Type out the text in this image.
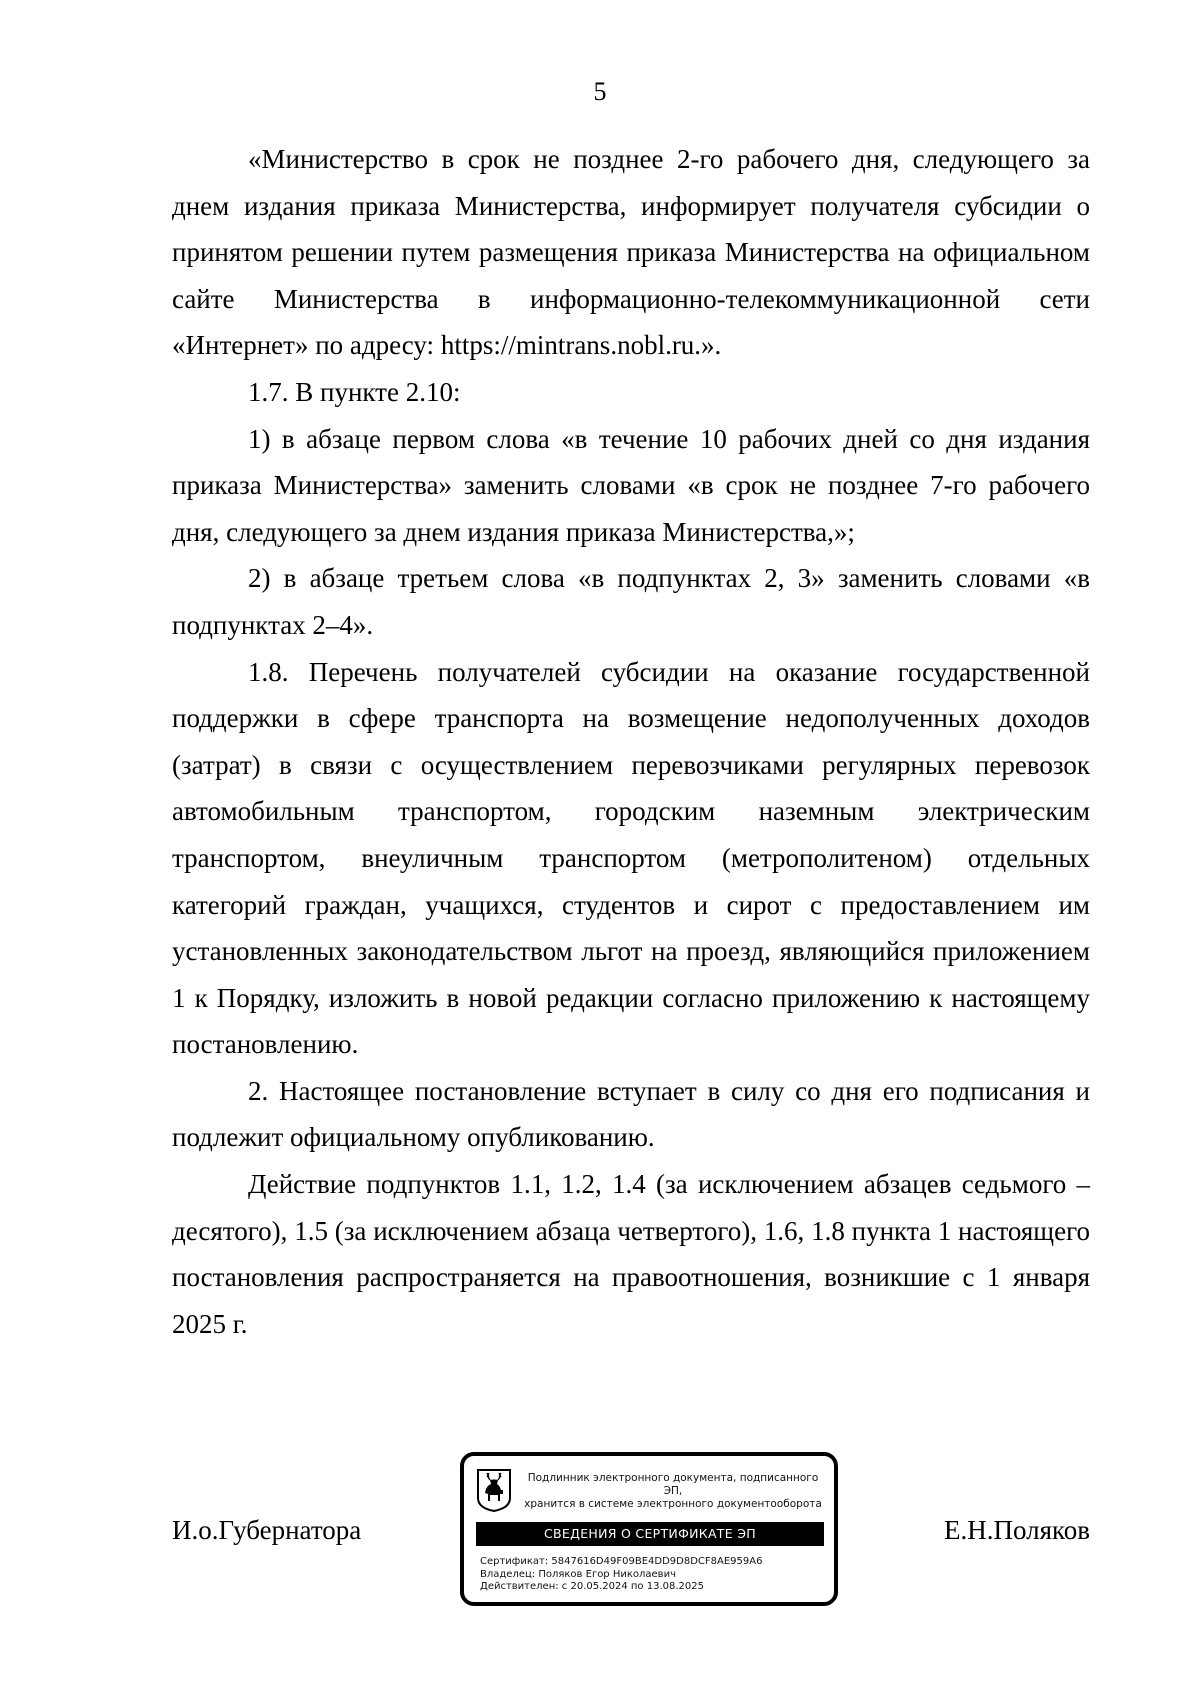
5

«Министерство в срок не позднее 2-го рабочего дня, следующего за днем издания приказа Министерства, информирует получателя субсидии о принятом решении путем размещения приказа Министерства на официальном сайте Министерства в информационно-телекоммуникационной сети «Интернет» по адресу: https://mintrans.nobl.ru.».

1.7. В пункте 2.10:

1) в абзаце первом слова «в течение 10 рабочих дней со дня издания приказа Министерства» заменить словами «в срок не позднее 7-го рабочего дня, следующего за днем издания приказа Министерства,»;

2) в абзаце третьем слова «в подпунктах 2, 3» заменить словами «в подпунктах 2–4».

1.8. Перечень получателей субсидии на оказание государственной поддержки в сфере транспорта на возмещение недополученных доходов (затрат) в связи с осуществлением перевозчиками регулярных перевозок автомобильным транспортом, городским наземным электрическим транспортом, внеуличным транспортом (метрополитеном) отдельных категорий граждан, учащихся, студентов и сирот с предоставлением им установленных законодательством льгот на проезд, являющийся приложением 1 к Порядку, изложить в новой редакции согласно приложению к настоящему постановлению.

2. Настоящее постановление вступает в силу со дня его подписания и подлежит официальному опубликованию.

Действие подпунктов 1.1, 1.2, 1.4 (за исключением абзацев седьмого – десятого), 1.5 (за исключением абзаца четвертого), 1.6, 1.8 пункта 1 настоящего постановления распространяется на правоотношения, возникшие с 1 января 2025 г.

И.о.Губернатора
Подлинник электронного документа, подписанного ЭП,
хранится в системе электронного документооборота
СВЕДЕНИЯ О СЕРТИФИКАТЕ ЭП
Сертификат: 5847616D49F09BE4DD9D8DCF8AE959A6
Владелец: Поляков Егор Николаевич
Действителен: с 20.05.2024 по 13.08.2025
Е.Н.Поляков
